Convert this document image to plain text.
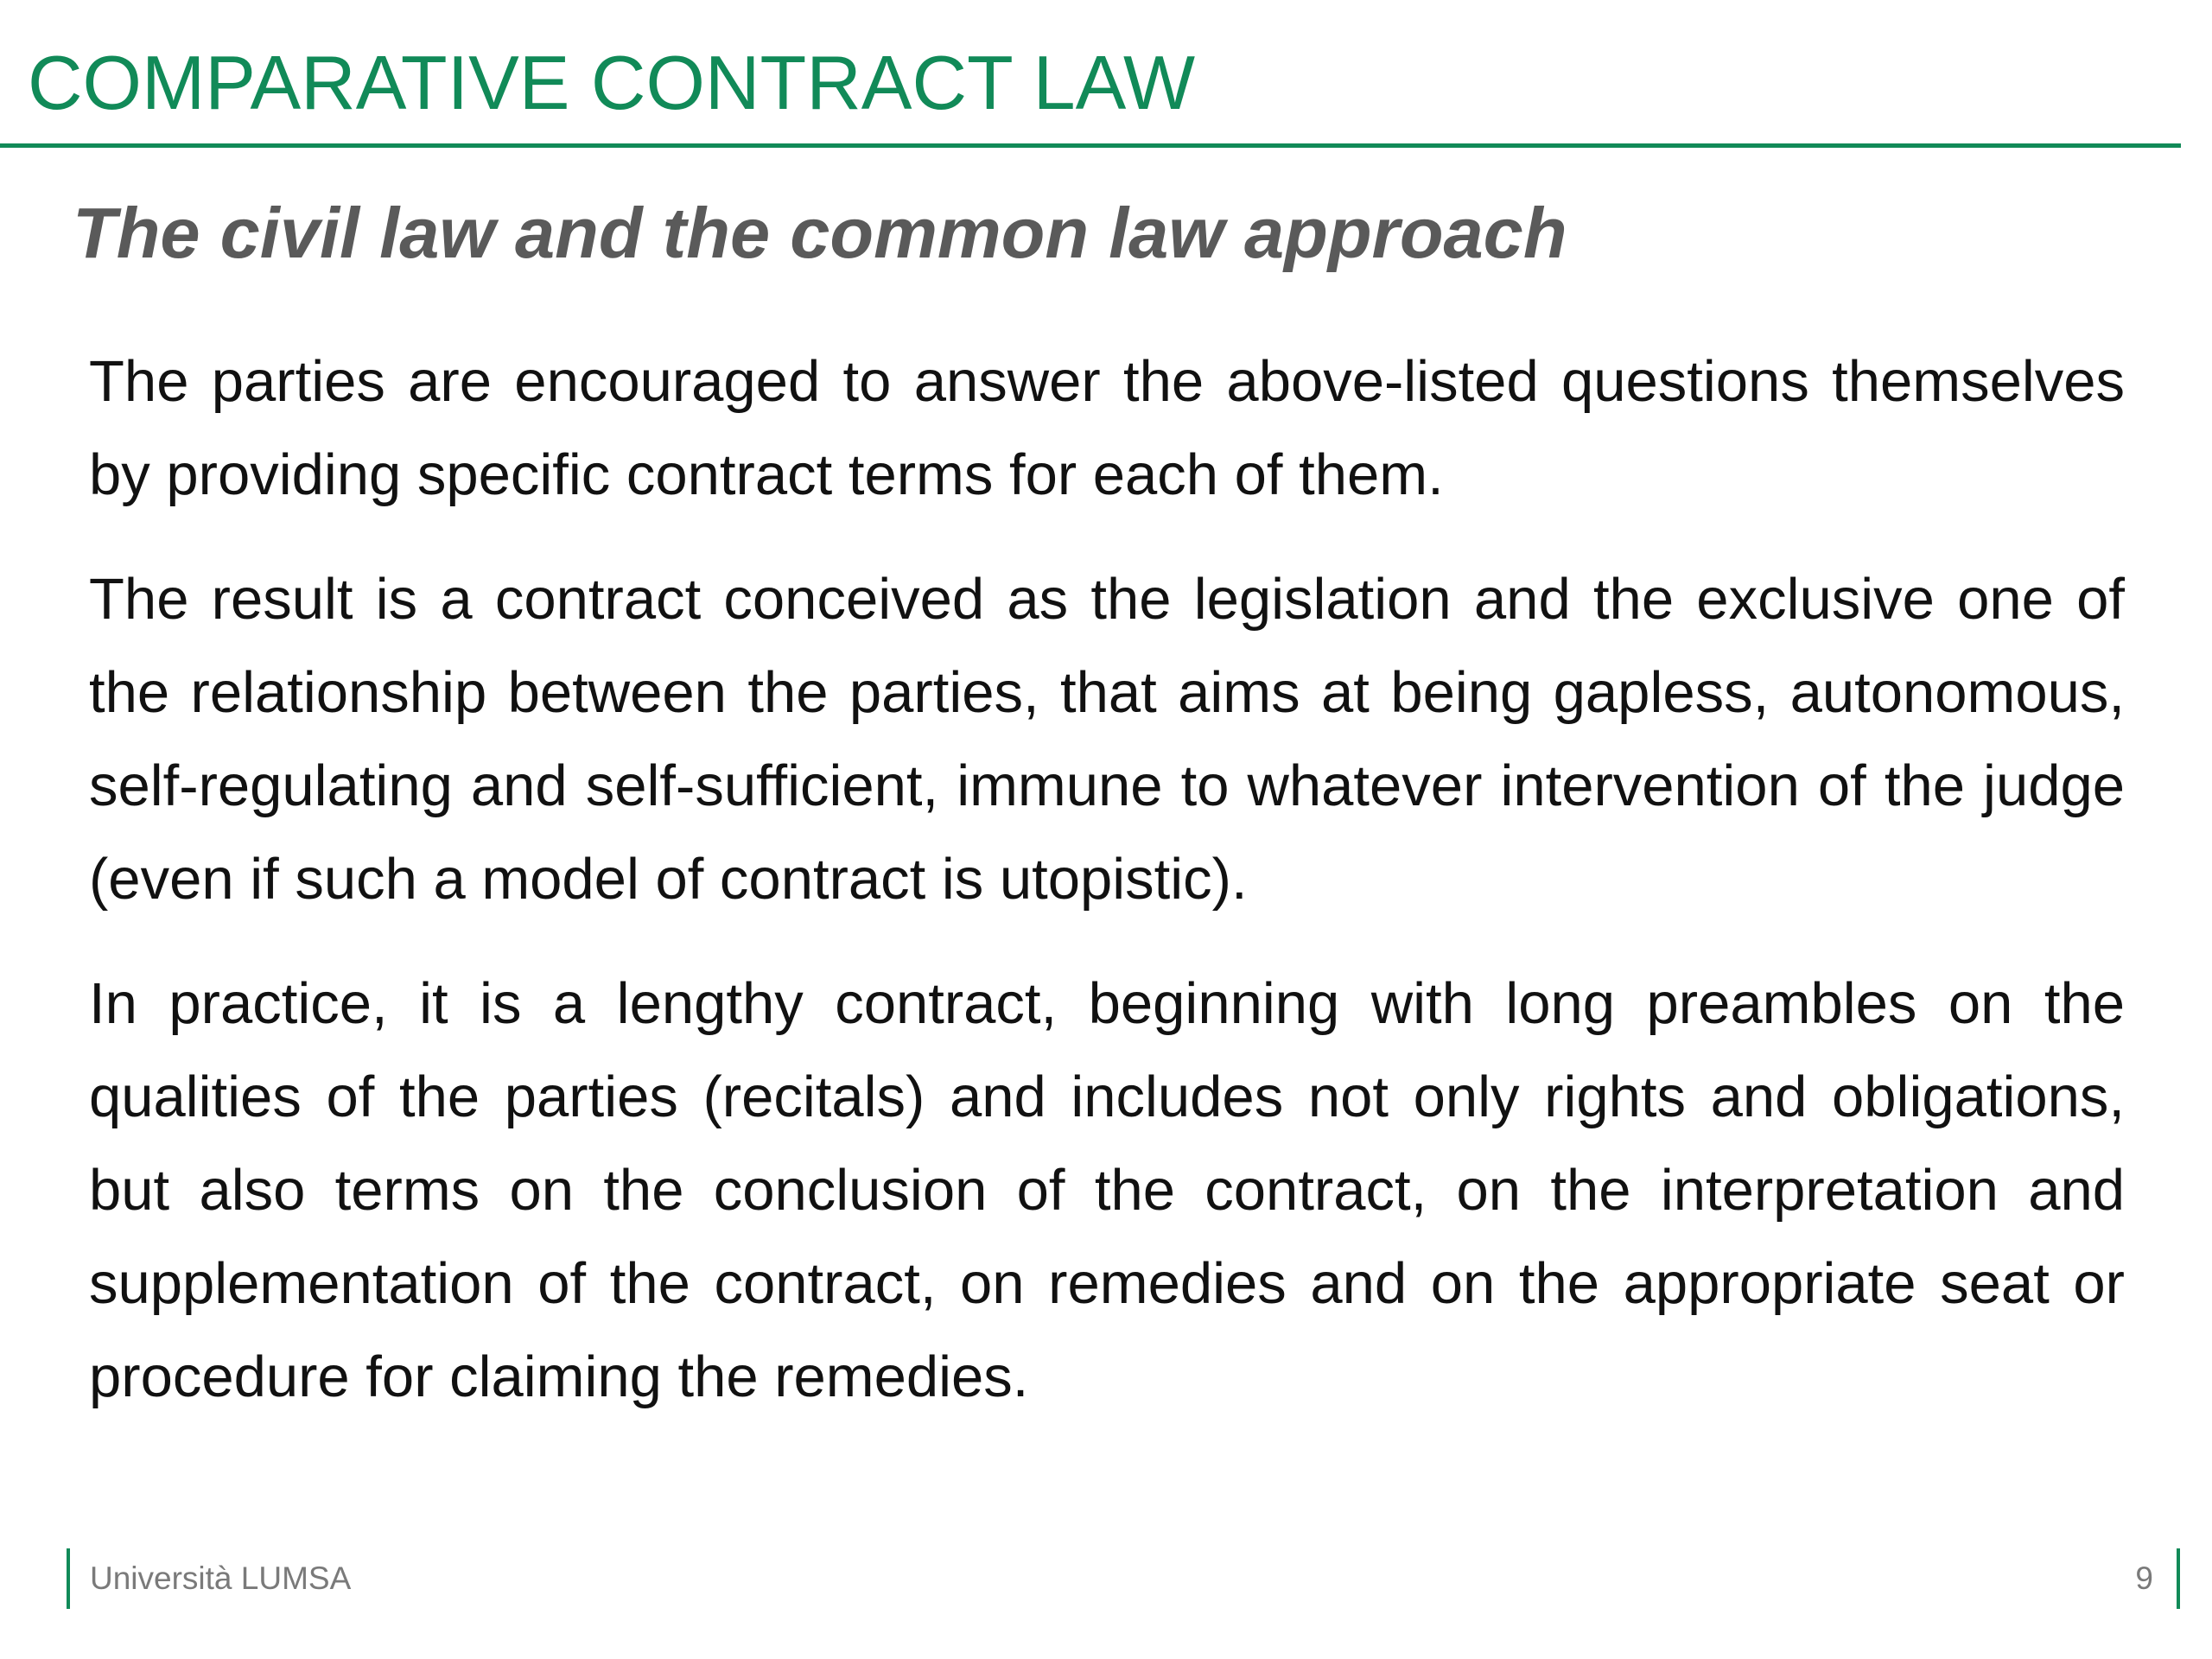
COMPARATIVE CONTRACT LAW
The civil law and the common law approach

The parties are encouraged to answer the above-listed questions themselves by providing specific contract terms for each of them.

The result is a contract conceived as the legislation and the exclusive one of the relationship between the parties, that aims at being gapless, autonomous, self-regulating and self-sufficient, immune to whatever intervention of the judge (even if such a model of contract is utopistic).

In practice, it is a lengthy contract, beginning with long preambles on the qualities of the parties (recitals) and includes not only rights and obligations, but also terms on the conclusion of the contract, on the interpretation and supplementation of the contract, on remedies and on the appropriate seat or procedure for claiming the remedies.

Università LUMSA	9
